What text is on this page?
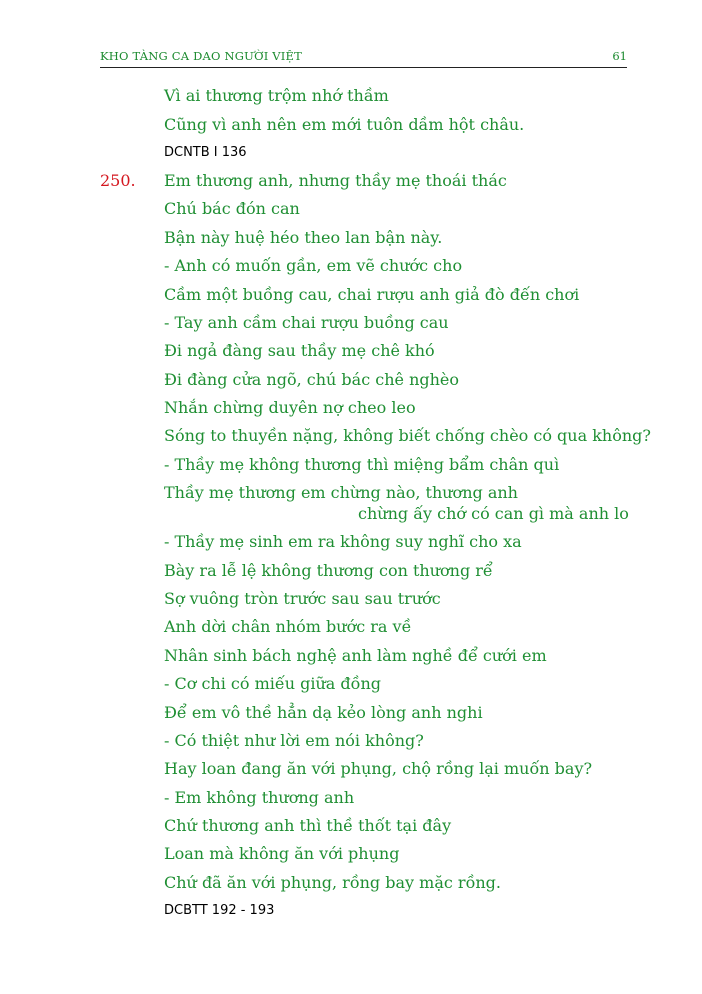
KHO TÀNG CA DAO NGƯỜI VIỆT	61
Vì ai thương trộm nhớ thầm
Cũng vì anh nên em mới tuôn dầm hột châu.
DCNTB I 136
250. Em thương anh, nhưng thầy mẹ thoái thác
Chú bác đón can
Bận này huệ héo theo lan bận này.
- Anh có muốn gần, em vẽ chước cho
Cầm một buồng cau, chai rượu anh giả đò đến chơi
- Tay anh cầm chai rượu buồng cau
Đi ngả đàng sau thầy mẹ chê khó
Đi đàng cửa ngõ, chú bác chê nghèo
Nhắn chừng duyên nợ cheo leo
Sóng to thuyền nặng, không biết chống chèo có qua không?
- Thầy mẹ không thương thì miệng bẩm chân quì
Thầy mẹ thương em chừng nào, thương anh
chừng ấy chớ có can gì mà anh lo
- Thầy mẹ sinh em ra không suy nghĩ cho xa
Bày ra lễ lệ không thương con thương rể
Sợ vuông tròn trước sau sau trước
Anh dời chân nhóm bước ra về
Nhân sinh bách nghệ anh làm nghề để cưới em
- Cơ chi có miếu giữa đồng
Để em vô thề hẳn dạ kẻo lòng anh nghi
- Có thiệt như lời em nói không?
Hay loan đang ăn với phụng, chộ rồng lại muốn bay?
- Em không thương anh
Chứ thương anh thì thề thốt tại đây
Loan mà không ăn với phụng
Chứ đã ăn với phụng, rồng bay mặc rồng.
DCBTT 192 - 193
